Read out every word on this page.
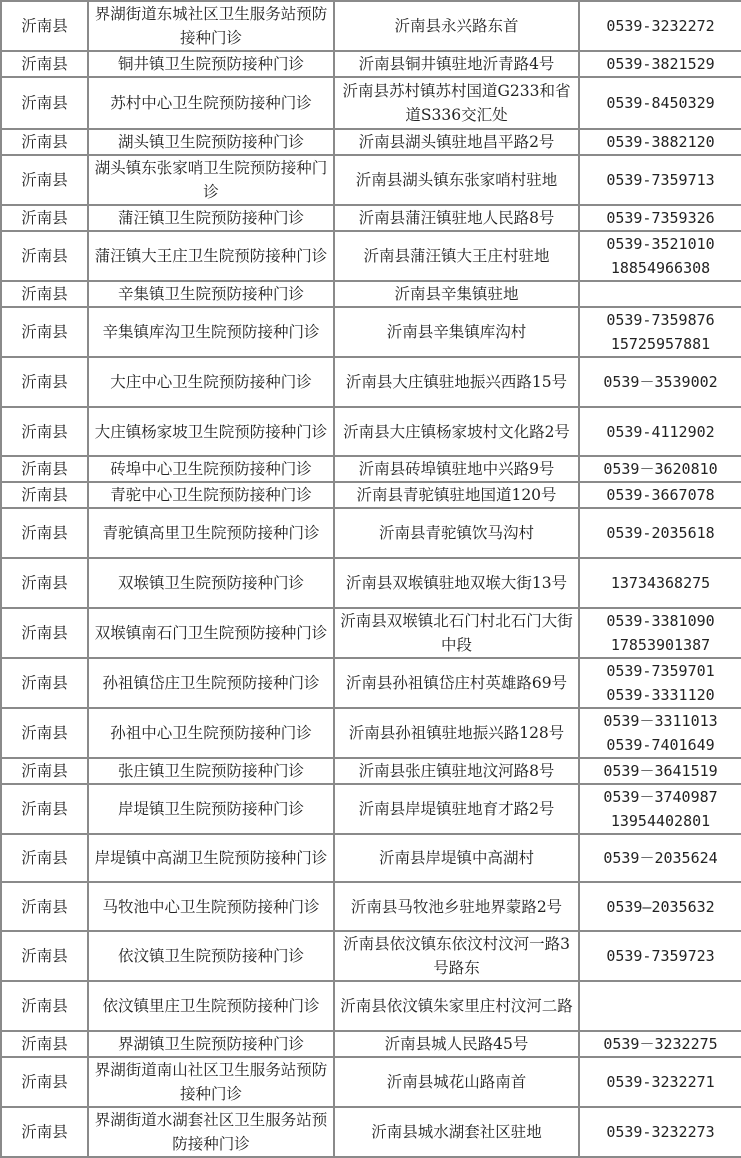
沂南县	界湖街道东城社区卫生服务站预防接种门诊	沂南县永兴路东首	0539-3232272

沂南县	铜井镇卫生院预防接种门诊	沂南县铜井镇驻地沂青路4号	0539-3821529

沂南县	苏村中心卫生院预防接种门诊	沂南县苏村镇苏村国道G233和省道S336交汇处	0539-8450329

沂南县	湖头镇卫生院预防接种门诊	沂南县湖头镇驻地昌平路2号	0539-3882120

沂南县	湖头镇东张家哨卫生院预防接种门诊	沂南县湖头镇东张家哨村驻地	0539-7359713

沂南县	蒲汪镇卫生院预防接种门诊	沂南县蒲汪镇驻地人民路8号	0539-7359326

沂南县	蒲汪镇大王庄卫生院预防接种门诊	沂南县蒲汪镇大王庄村驻地	0539-3521010
18854966308

沂南县	辛集镇卫生院预防接种门诊	沂南县辛集镇驻地	
沂南县	辛集镇库沟卫生院预防接种门诊	沂南县辛集镇库沟村	0539-7359876
15725957881

沂南县	大庄中心卫生院预防接种门诊	沂南县大庄镇驻地振兴西路15号	0539－3539002

沂南县	大庄镇杨家坡卫生院预防接种门诊	沂南县大庄镇杨家坡村文化路2号	0539-4112902

沂南县	砖埠中心卫生院预防接种门诊	沂南县砖埠镇驻地中兴路9号	0539－3620810

沂南县	青驼中心卫生院预防接种门诊	沂南县青驼镇驻地国道120号	0539-3667078

沂南县	青驼镇高里卫生院预防接种门诊	沂南县青驼镇饮马沟村	0539-2035618

沂南县	双堠镇卫生院预防接种门诊	沂南县双堠镇驻地双堠大街13号	13734368275

沂南县	双堠镇南石门卫生院预防接种门诊	沂南县双堠镇北石门村北石门大街中段	0539-3381090
17853901387

沂南县	孙祖镇岱庄卫生院预防接种门诊	沂南县孙祖镇岱庄村英雄路69号	0539-7359701
0539-3331120

沂南县	孙祖中心卫生院预防接种门诊	沂南县孙祖镇驻地振兴路128号	0539－3311013
0539-7401649

沂南县	张庄镇卫生院预防接种门诊	沂南县张庄镇驻地汶河路8号	0539－3641519

沂南县	岸堤镇卫生院预防接种门诊	沂南县岸堤镇驻地育才路2号	0539－3740987
13954402801

沂南县	岸堤镇中高湖卫生院预防接种门诊	沂南县岸堤镇中高湖村	0539－2035624

沂南县	马牧池中心卫生院预防接种门诊	沂南县马牧池乡驻地界蒙路2号	0539—2035632

沂南县	依汶镇卫生院预防接种门诊	沂南县依汶镇东依汶村汶河一路3号路东	0539-7359723

沂南县	依汶镇里庄卫生院预防接种门诊	沂南县依汶镇朱家里庄村汶河二路	
沂南县	界湖镇卫生院预防接种门诊	沂南县城人民路45号	0539－3232275

沂南县	界湖街道南山社区卫生服务站预防接种门诊	沂南县城花山路南首	0539-3232271

沂南县	界湖街道水湖套社区卫生服务站预防接种门诊	沂南县城水湖套社区驻地	0539-3232273
